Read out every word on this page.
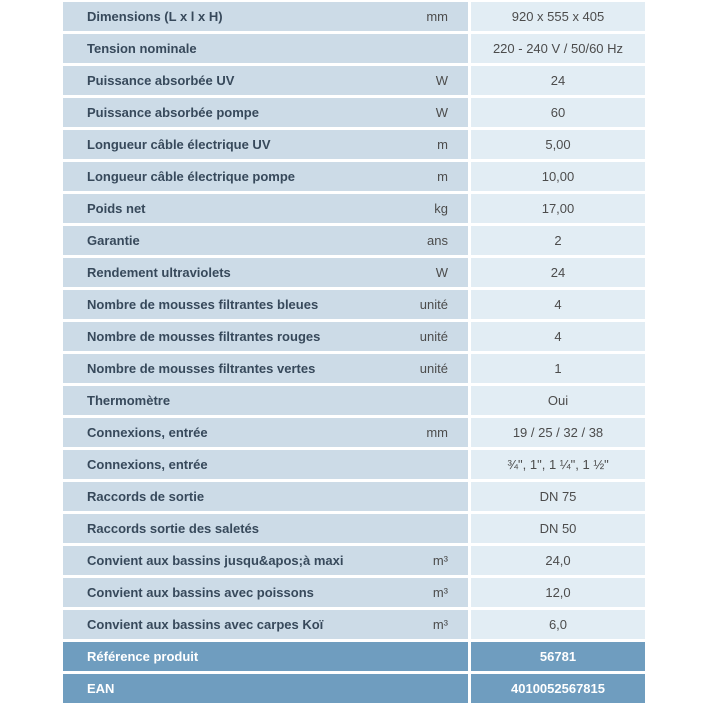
Dimensions (L x l x H)	mm	920 x 555 x 405
Tension nominale	220 - 240 V / 50/60 Hz
Puissance absorbée UV	W	24
Puissance absorbée pompe	W	60
Longueur câble électrique UV	m	5,00
Longueur câble électrique pompe	m	10,00
Poids net	kg	17,00
Garantie	ans	2
Rendement ultraviolets	W	24
Nombre de mousses filtrantes bleues	unité	4
Nombre de mousses filtrantes rouges	unité	4
Nombre de mousses filtrantes vertes	unité	1
Thermomètre	Oui
Connexions, entrée	mm	19 / 25 / 32 / 38
Connexions, entrée	¾", 1", 1 ¼", 1 ½"
Raccords de sortie	DN 75
Raccords sortie des saletés	DN 50
Convient aux bassins jusqu&apos;à maxi	m³	24,0
Convient aux bassins avec poissons	m³	12,0
Convient aux bassins avec carpes Koï	m³	6,0
Référence produit	56781
EAN	4010052567815
